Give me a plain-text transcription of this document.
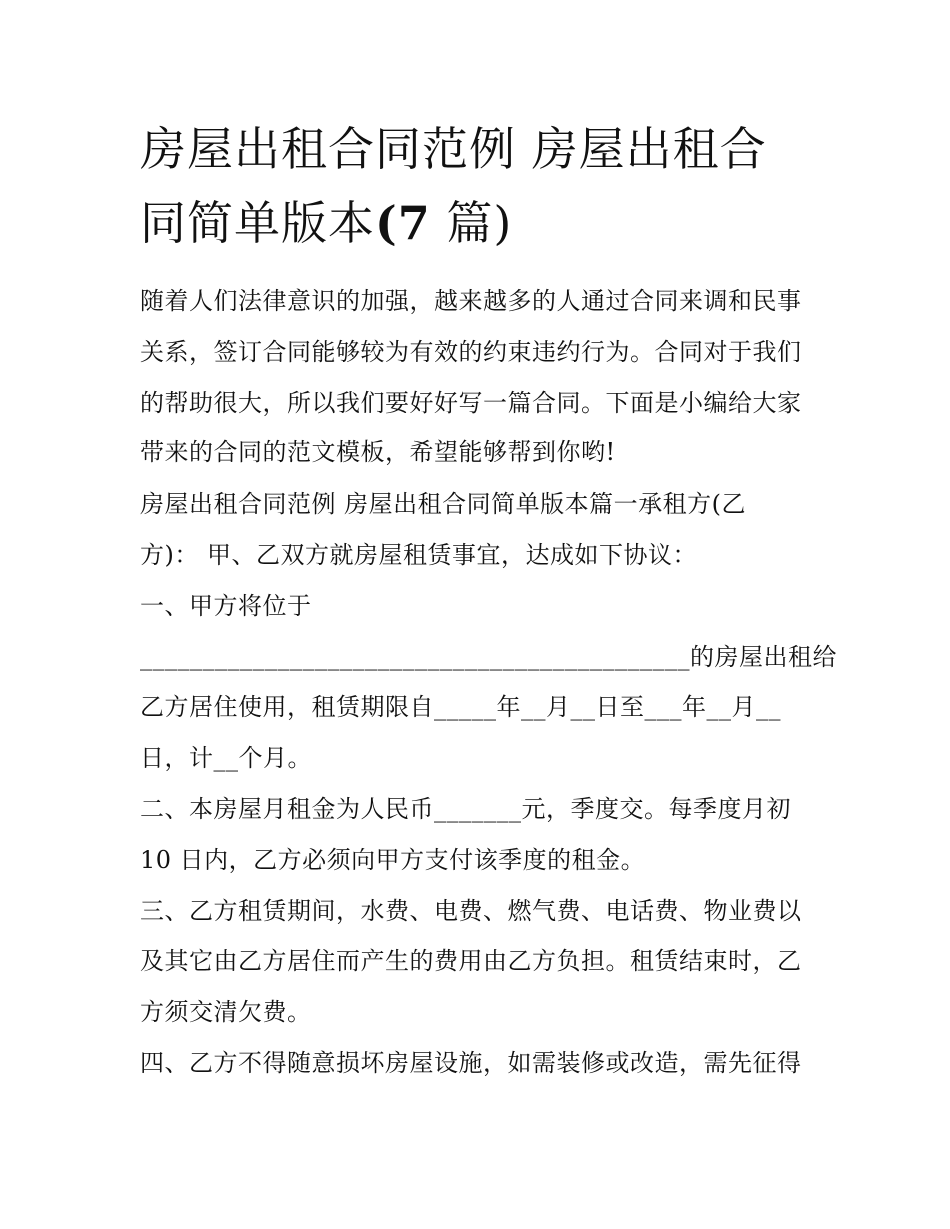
房屋出租合同范例 房屋出租合
同简单版本(7 篇)
随着人们法律意识的加强，越来越多的人通过合同来调和民事
关系，签订合同能够较为有效的约束违约行为。合同对于我们
的帮助很大，所以我们要好好写一篇合同。下面是小编给大家
带来的合同的范文模板，希望能够帮到你哟!
房屋出租合同范例 房屋出租合同简单版本篇一承租方(乙
方)： 甲、乙双方就房屋租赁事宜，达成如下协议：
一、甲方将位于
____________________________________________的房屋出租给
乙方居住使用，租赁期限自_____年__月__日至___年__月__
日，计__个月。
二、本房屋月租金为人民币_______元，季度交。每季度月初
10 日内，乙方必须向甲方支付该季度的租金。
三、乙方租赁期间，水费、电费、燃气费、电话费、物业费以
及其它由乙方居住而产生的费用由乙方负担。租赁结束时，乙
方须交清欠费。
四、乙方不得随意损坏房屋设施，如需装修或改造，需先征得
